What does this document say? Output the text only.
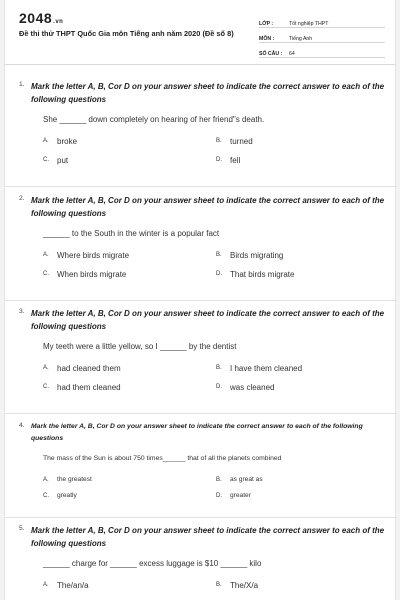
2048.vn
Đề thi thử THPT Quốc Gia môn Tiếng anh năm 2020 (Đề số 8)
LỚP :	Tốt nghiệp THPT
MÔN :	Tiếng Anh
SỐ CÂU :	64
1. Mark the letter A, B, Cor D on your answer sheet to indicate the correct answer to each of the following questions
She ______ down completely on hearing of her friend"s death.
A.	broke	B.	turned
C.	put	D.	fell
2. Mark the letter A, B, Cor D on your answer sheet to indicate the correct answer to each of the following questions
______ to the South in the winter is a popular fact
A.	Where birds migrate	B.	Birds migrating
C.	When birds migrate	D.	That birds migrate
3. Mark the letter A, B, Cor D on your answer sheet to indicate the correct answer to each of the following questions
My teeth were a little yellow, so I ______ by the dentist
A.	had cleaned them	B.	I have them cleaned
C.	had them cleaned	D.	was cleaned
4. Mark the letter A, B, Cor D on your answer sheet to indicate the correct answer to each of the following questions
The mass of the Sun is about 750 times______ that of all the planets combined
A.	the greatest	B.	as great as
C.	greatly	D.	greater
5. Mark the letter A, B, Cor D on your answer sheet to indicate the correct answer to each of the following questions
______ charge for ______ excess luggage is $10 ______ kilo
A.	The/an/a	B.	The/X/a
